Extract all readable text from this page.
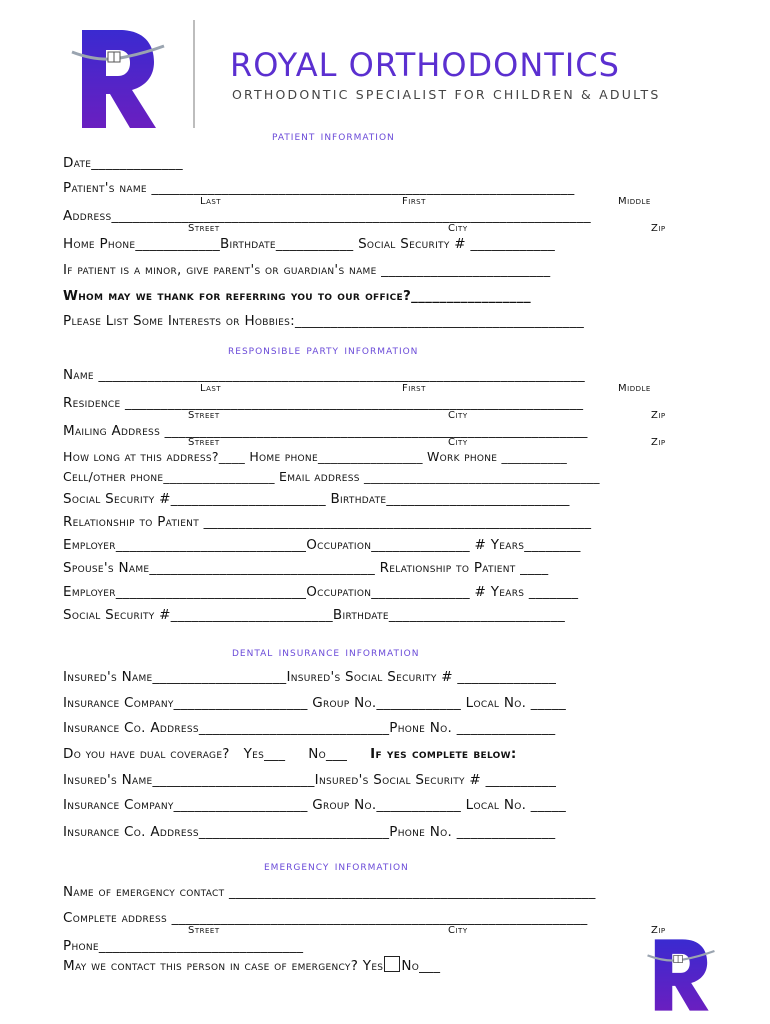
ROYAL ORTHODONTICS
ORTHODONTIC SPECIALIST FOR CHILDREN & ADULTS
patient information
Date_____________
Patient's name ____________________________________________________________
Last	First	Middle
Address____________________________________________________________________
Street	City	Zip
Home Phone____________Birthdate___________ Social Security # ____________
If patient is a minor, give parent's or guardian's name ________________________
Whom may we thank for referring you to our office?_________________
Please List Some Interests or Hobbies:_________________________________________
responsible party information
Name _____________________________________________________________________
Last	First	Middle
Residence _________________________________________________________________
Street	City	Zip
Mailing Address ____________________________________________________________
Street	City	Zip
How long at this address?____ Home phone________________ Work phone __________
Cell/other phone_________________ Email address ____________________________________
Social Security #______________________ Birthdate__________________________
Relationship to Patient _______________________________________________________
Employer___________________________Occupation______________ # Years________
Spouse's Name________________________________ Relationship to Patient ____
Employer___________________________Occupation______________ # Years _______
Social Security #_______________________Birthdate_________________________
dental insurance information
Insured's Name___________________Insured's Social Security # ______________
Insurance Company___________________ Group No.____________ Local No. _____
Insurance Co. Address___________________________Phone No. ______________
Do you have dual coverage? Yes___ No___ If yes complete below:
Insured's Name_______________________Insured's Social Security # __________
Insurance Company___________________ Group No.____________ Local No. _____
Insurance Co. Address___________________________Phone No. ______________
emergency information
Name of emergency contact ____________________________________________________
Complete address ___________________________________________________________
Street	City	Zip
Phone_____________________________
May we contact this person in case of emergency? Yes No___
